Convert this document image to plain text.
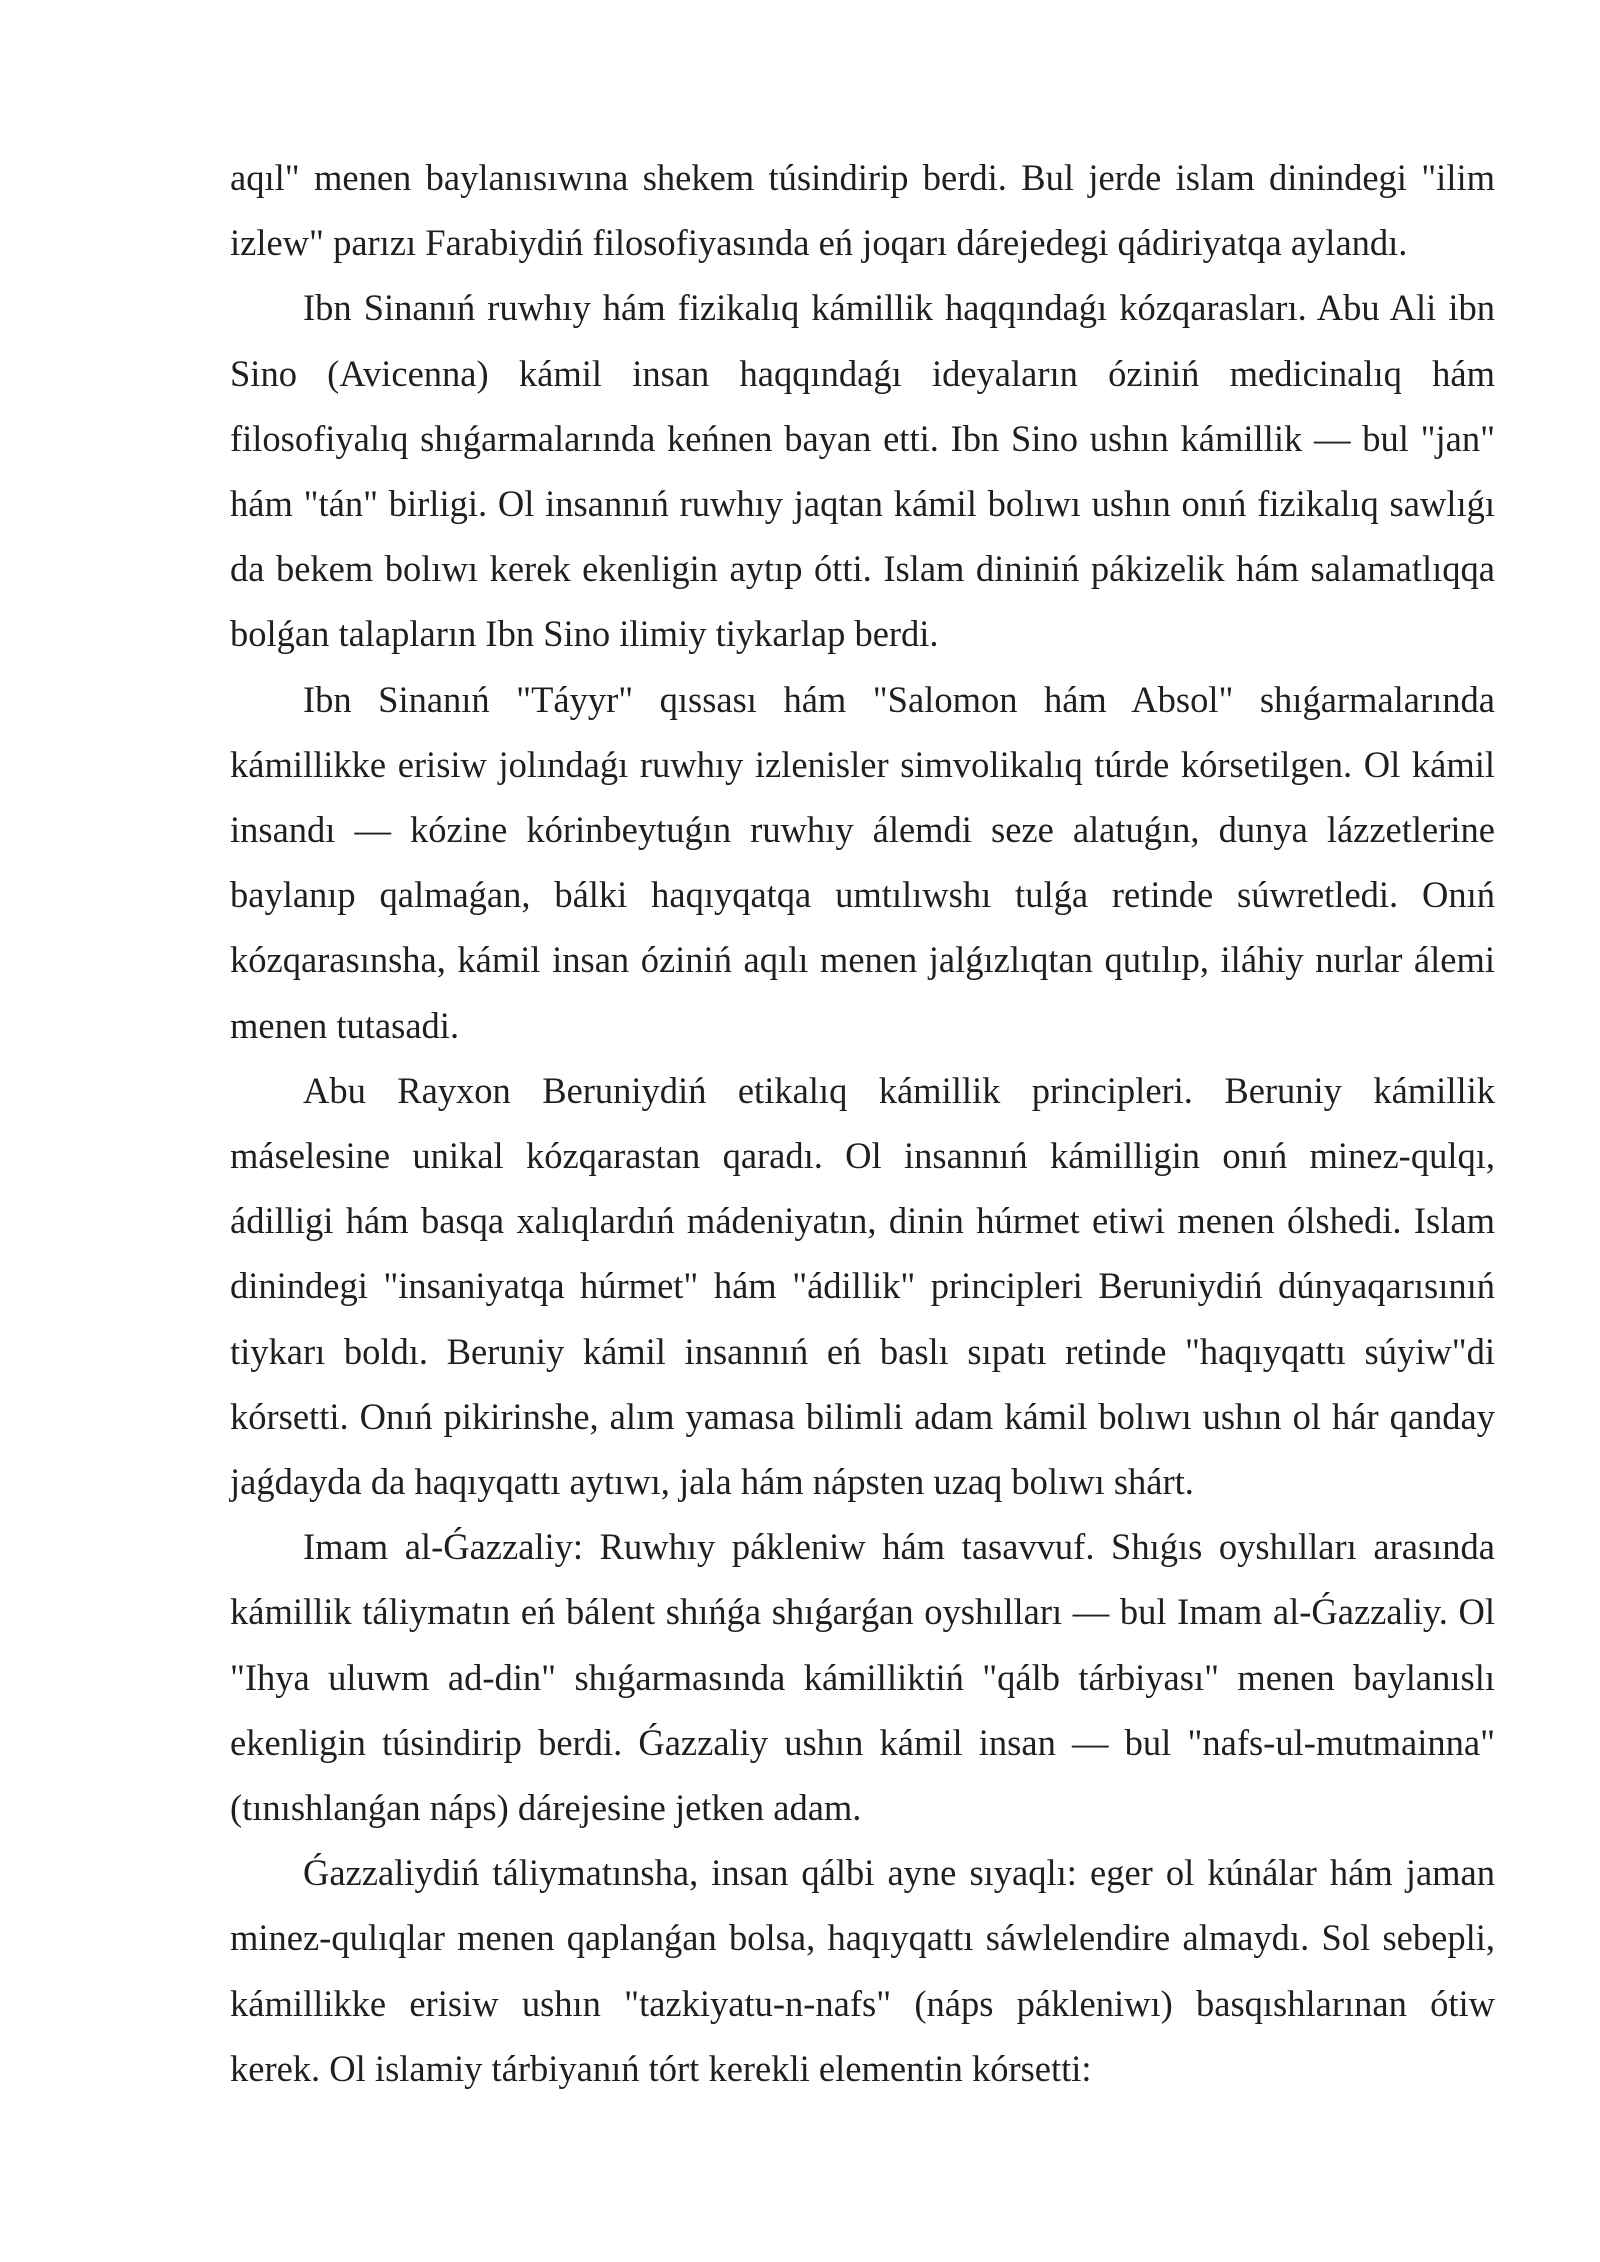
aqıl" menen baylanısıwına shekem túsindirip berdi. Bul jerde islam dinindegi "ilim izlew" parızı Farabiydiń filosofiyasında eń joqarı dárejedegi qádiriyatqa aylandı.

Ibn Sinanıń ruwhıy hám fizikalıq kámillik haqqındaǵı kózqarasları. Abu Ali ibn Sino (Avicenna) kámil insan haqqındaǵı ideyaların óziniń medicinalıq hám filosofiyalıq shıǵarmalarında keńnen bayan etti. Ibn Sino ushın kámillik — bul "jan" hám "tán" birligi. Ol insannıń ruwhıy jaqtan kámil bolıwı ushın onıń fizikalıq sawlıǵı da bekem bolıwı kerek ekenligin aytıp ótti. Islam dininiń pákizelik hám salamatlıqqa bolǵan talapların Ibn Sino ilimiy tiykarlap berdi.

Ibn Sinanıń "Táyyr" qıssası hám "Salomon hám Absol" shıǵarmalarında kámillikke erisiw jolındaǵı ruwhıy izlenisler simvolikalıq túrde kórsetilgen. Ol kámil insandı — kózine kórinbeytuǵın ruwhıy álemdi seze alatuǵın, dunya lázzetlerine baylanıp qalmaǵan, bálki haqıyqatqa umtılıwshı tulǵa retinde súwretledi. Onıń kózqarasınsha, kámil insan óziniń aqılı menen jalǵızlıqtan qutılıp, iláhiy nurlar álemi menen tutasadi.

Abu Rayxon Beruniydiń etikalıq kámillik principleri. Beruniy kámillik máselesine unikal kózqarastan qaradı. Ol insannıń kámilligin onıń minez-qulqı, ádilligi hám basqa xalıqlardıń mádeniyatın, dinin húrmet etiwi menen ólshedi. Islam dinindegi "insaniyatqa húrmet" hám "ádillik" principleri Beruniydiń dúnyaqarısınıń tiykarı boldı. Beruniy kámil insannıń eń baslı sıpatı retinde "haqıyqattı súyiw"di kórsetti. Onıń pikirinshe, alım yamasa bilimli adam kámil bolıwı ushın ol hár qanday jaǵdayda da haqıyqattı aytıwı, jala hám nápsten uzaq bolıwı shárt.

Imam al-Ǵazzaliy: Ruwhıy pákleniw hám tasavvuf. Shıǵıs oyshılları arasında kámillik táliymatın eń bálent shıńǵa shıǵarǵan oyshılları — bul Imam al-Ǵazzaliy. Ol "Ihya uluwm ad-din" shıǵarmasında kámilliktiń "qálb tárbiyası" menen baylanıslı ekenligin túsindirip berdi. Ǵazzaliy ushın kámil insan — bul "nafs-ul-mutmainna" (tınıshlanǵan náps) dárejesine jetken adam.

Ǵazzaliydiń táliymatınsha, insan qálbi ayne sıyaqlı: eger ol kúnálar hám jaman minez-qulıqlar menen qaplanǵan bolsa, haqıyqattı sáwlelendire almaydı. Sol sebepli, kámillikke erisiw ushın "tazkiyatu-n-nafs" (náps pákleniwı) basqıshlarınan ótiw kerek. Ol islamiy tárbiyanıń tórt kerekli elementin kórsetti:
